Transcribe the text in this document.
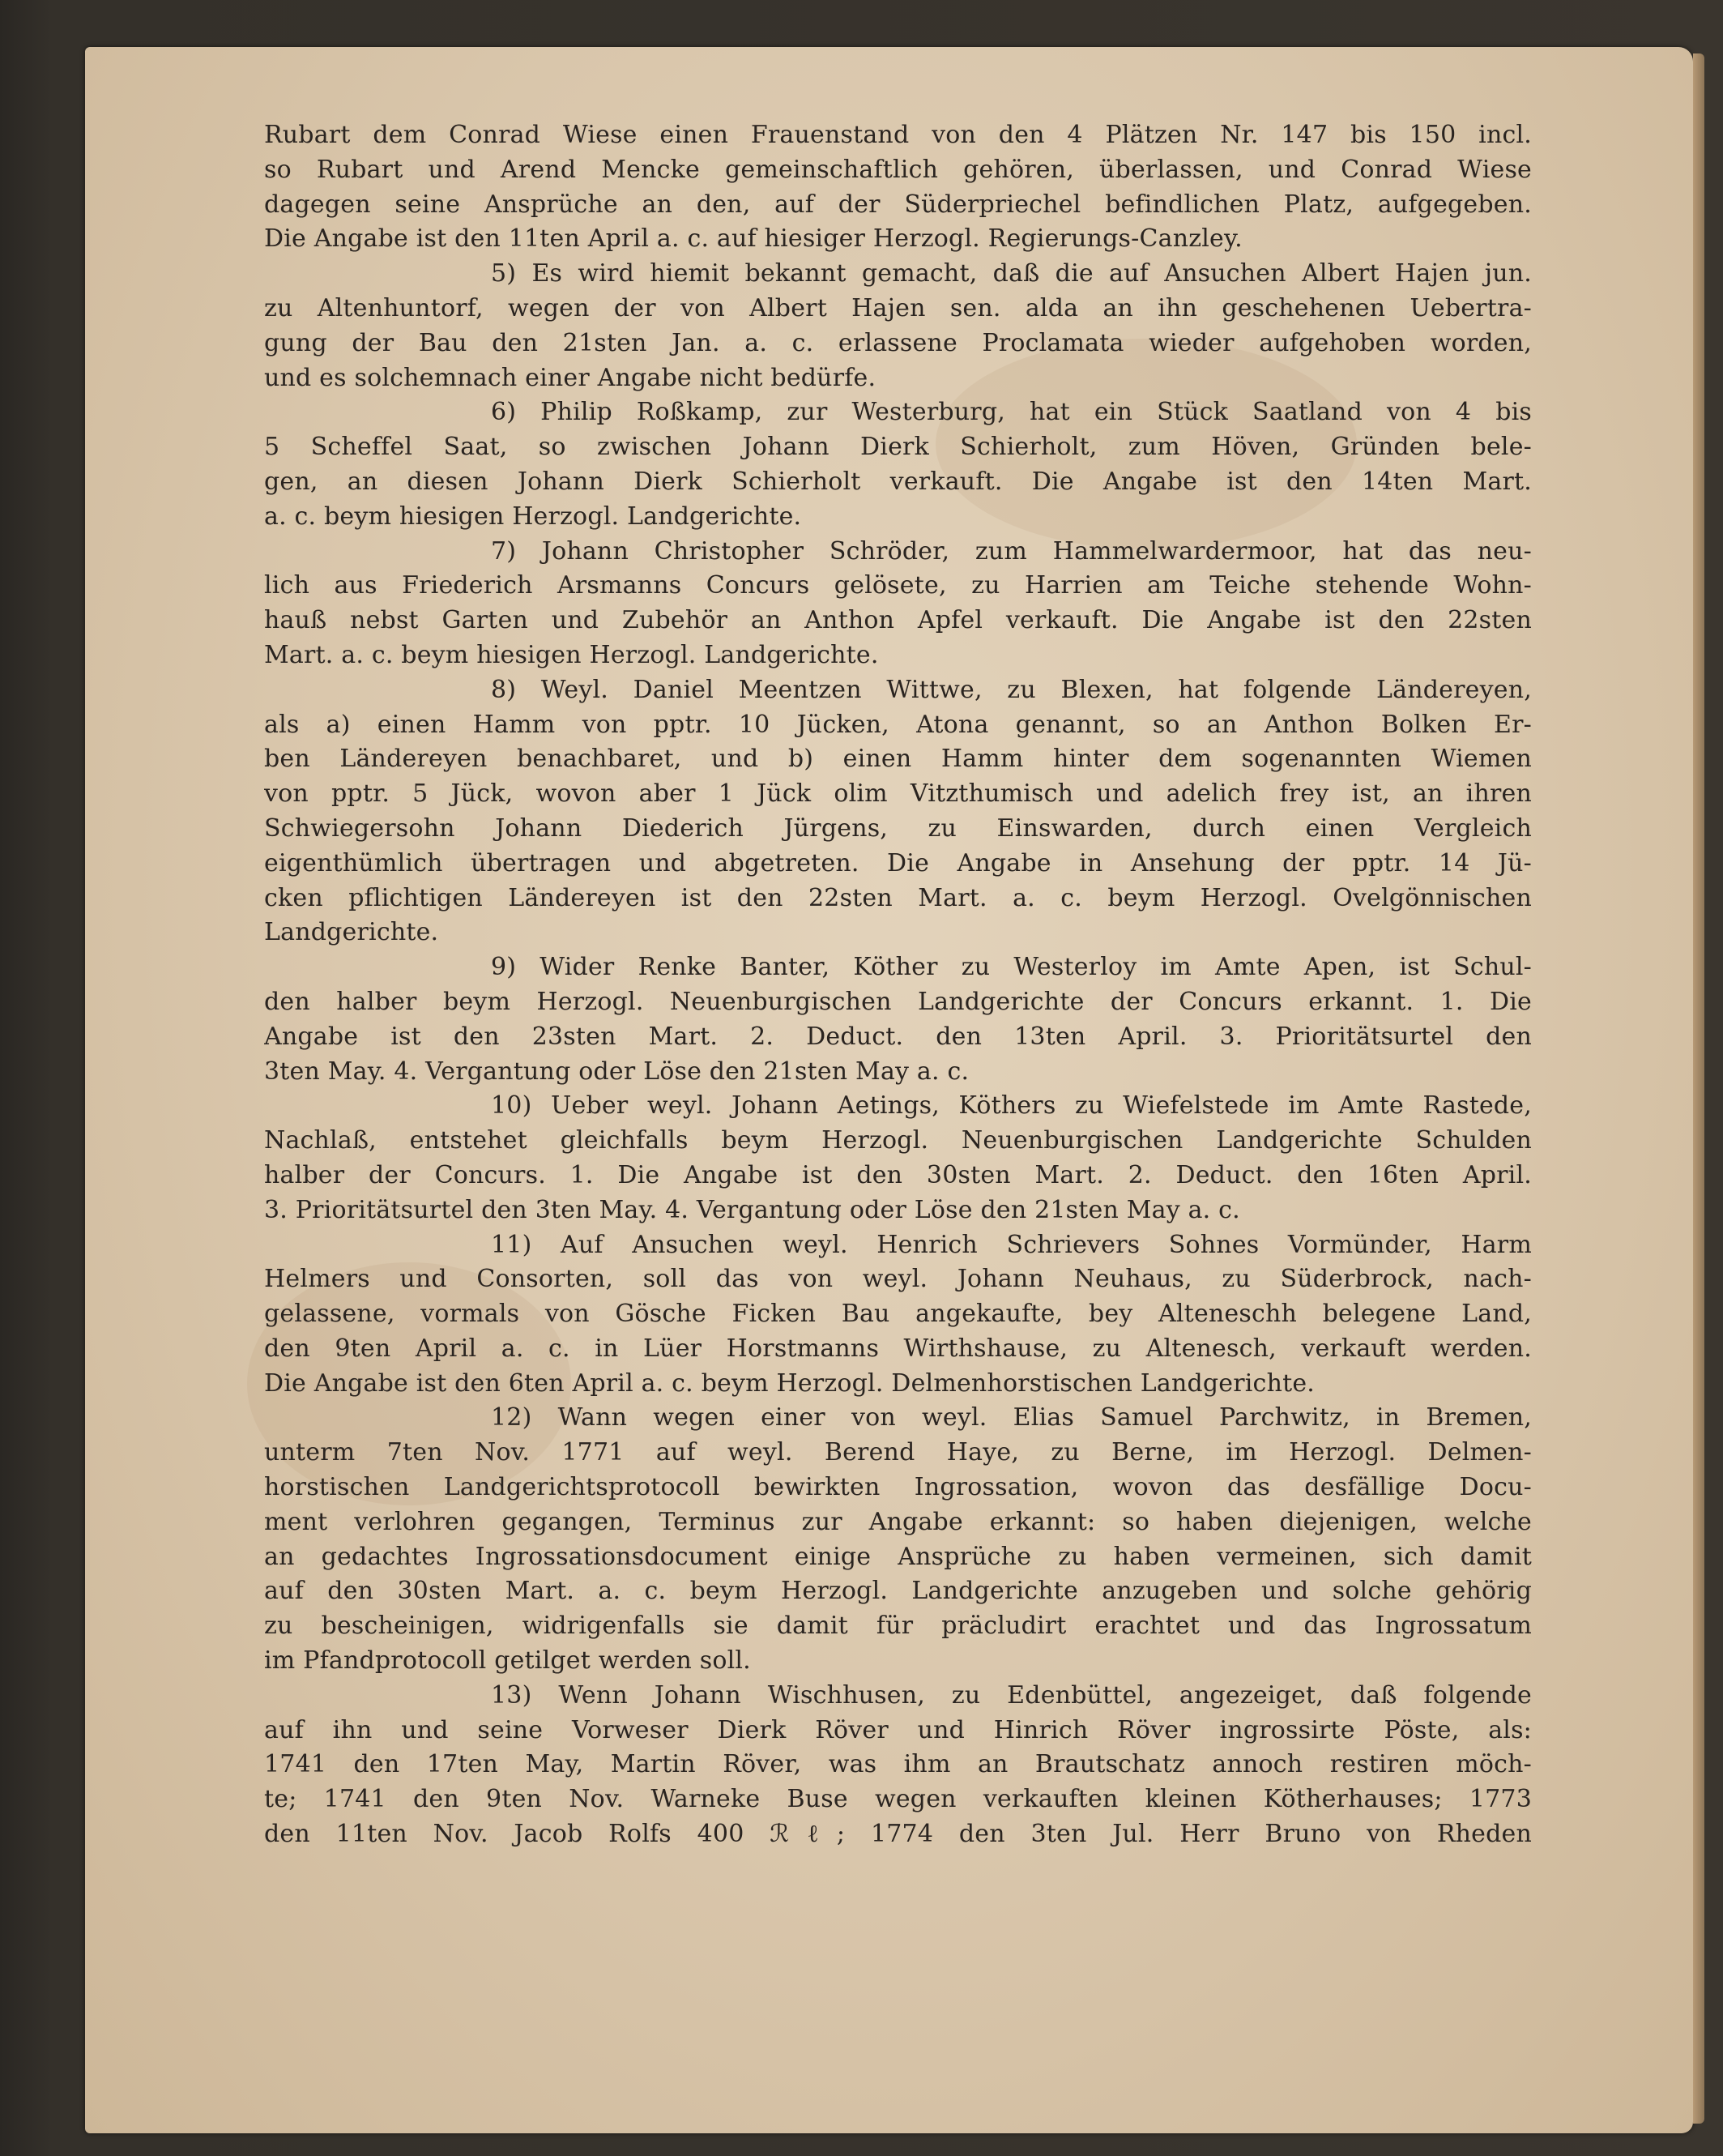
Rubart dem Conrad Wiese einen Frauenstand von den 4 Plätzen Nr. 147 bis 150 incl.
so Rubart und Arend Mencke gemeinschaftlich gehören, überlassen, und Conrad Wiese
dagegen seine Ansprüche an den, auf der Süderpriechel befindlichen Platz, aufgegeben.
Die Angabe ist den 11ten April a. c. auf hiesiger Herzogl. Regierungs-Canzley.
5) Es wird hiemit bekannt gemacht, daß die auf Ansuchen Albert Hajen jun.
zu Altenhuntorf, wegen der von Albert Hajen sen. alda an ihn geschehenen Uebertra-
gung der Bau den 21sten Jan. a. c. erlassene Proclamata wieder aufgehoben worden,
und es solchemnach einer Angabe nicht bedürfe.
6) Philip Roßkamp, zur Westerburg, hat ein Stück Saatland von 4 bis
5 Scheffel Saat, so zwischen Johann Dierk Schierholt, zum Höven, Gründen bele-
gen, an diesen Johann Dierk Schierholt verkauft. Die Angabe ist den 14ten Mart.
a. c. beym hiesigen Herzogl. Landgerichte.
7) Johann Christopher Schröder, zum Hammelwardermoor, hat das neu-
lich aus Friederich Arsmanns Concurs gelösete, zu Harrien am Teiche stehende Wohn-
hauß nebst Garten und Zubehör an Anthon Apfel verkauft. Die Angabe ist den 22sten
Mart. a. c. beym hiesigen Herzogl. Landgerichte.
8) Weyl. Daniel Meentzen Wittwe, zu Blexen, hat folgende Ländereyen,
als a) einen Hamm von pptr. 10 Jücken, Atona genannt, so an Anthon Bolken Er-
ben Ländereyen benachbaret, und b) einen Hamm hinter dem sogenannten Wiemen
von pptr. 5 Jück, wovon aber 1 Jück olim Vitzthumisch und adelich frey ist, an ihren
Schwiegersohn Johann Diederich Jürgens, zu Einswarden, durch einen Vergleich
eigenthümlich übertragen und abgetreten. Die Angabe in Ansehung der pptr. 14 Jü-
cken pflichtigen Ländereyen ist den 22sten Mart. a. c. beym Herzogl. Ovelgönnischen
Landgerichte.
9) Wider Renke Banter, Köther zu Westerloy im Amte Apen, ist Schul-
den halber beym Herzogl. Neuenburgischen Landgerichte der Concurs erkannt. 1. Die
Angabe ist den 23sten Mart. 2. Deduct. den 13ten April. 3. Prioritätsurtel den
3ten May. 4. Vergantung oder Löse den 21sten May a. c.
10) Ueber weyl. Johann Aetings, Köthers zu Wiefelstede im Amte Rastede,
Nachlaß, entstehet gleichfalls beym Herzogl. Neuenburgischen Landgerichte Schulden
halber der Concurs. 1. Die Angabe ist den 30sten Mart. 2. Deduct. den 16ten April.
3. Prioritätsurtel den 3ten May. 4. Vergantung oder Löse den 21sten May a. c.
11) Auf Ansuchen weyl. Henrich Schrievers Sohnes Vormünder, Harm
Helmers und Consorten, soll das von weyl. Johann Neuhaus, zu Süderbrock, nach-
gelassene, vormals von Gösche Ficken Bau angekaufte, bey Alteneschh belegene Land,
den 9ten April a. c. in Lüer Horstmanns Wirthshause, zu Altenesch, verkauft werden.
Die Angabe ist den 6ten April a. c. beym Herzogl. Delmenhorstischen Landgerichte.
12) Wann wegen einer von weyl. Elias Samuel Parchwitz, in Bremen,
unterm 7ten Nov. 1771 auf weyl. Berend Haye, zu Berne, im Herzogl. Delmen-
horstischen Landgerichtsprotocoll bewirkten Ingrossation, wovon das desfällige Docu-
ment verlohren gegangen, Terminus zur Angabe erkannt: so haben diejenigen, welche
an gedachtes Ingrossationsdocument einige Ansprüche zu haben vermeinen, sich damit
auf den 30sten Mart. a. c. beym Herzogl. Landgerichte anzugeben und solche gehörig
zu bescheinigen, widrigenfalls sie damit für präcludirt erachtet und das Ingrossatum
im Pfandprotocoll getilget werden soll.
13) Wenn Johann Wischhusen, zu Edenbüttel, angezeiget, daß folgende
auf ihn und seine Vorweser Dierk Röver und Hinrich Röver ingrossirte Pöste, als:
1741 den 17ten May, Martin Röver, was ihm an Brautschatz annoch restiren möch-
te; 1741 den 9ten Nov. Warneke Buse wegen verkauften kleinen Kötherhauses; 1773
den 11ten Nov. Jacob Rolfs 400 ℛℓ; 1774 den 3ten Jul. Herr Bruno von Rheden
